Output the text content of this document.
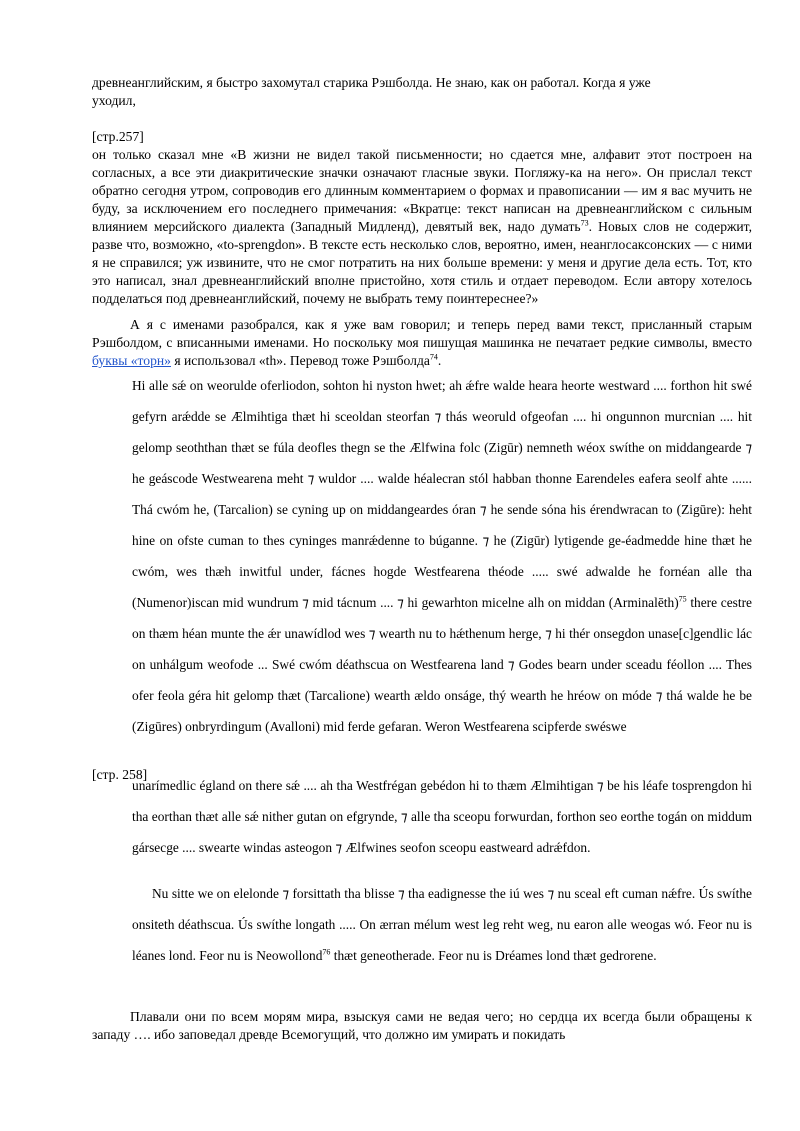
древнеанглийским, я быстро захомутал старика Рэшболда. Не знаю, как он работал. Когда я уже
уходил,

[стр.257]

он только сказал мне «В жизни не видел такой письменности; но сдается мне, алфавит этот построен на согласных, а все эти диакритические значки означают гласные звуки. Погляжу-ка на него». Он прислал текст обратно сегодня утром, сопроводив его длинным комментарием о формах и правописании — им я вас мучить не буду, за исключением его последнего примечания: «Вкратце: текст написан на древнеанглийском с сильным влиянием мерсийского диалекта (Западный Мидленд), девятый век, надо думать$^{73}$. Новых слов не содержит, разве что, возможно, «to-sprengdon». В тексте есть несколько слов, вероятно, имен, неанглосаксонских — с ними я не справился; уж извините, что не смог потратить на них больше времени: у меня и другие дела есть. Тот, кто это написал, знал древнеанглийский вполне пристойно, хотя стиль и отдает переводом. Если автору хотелось подделаться под древнеанглийский, почему не выбрать тему поинтереснее?»

А я с именами разобрался, как я уже вам говорил; и теперь перед вами текст, присланный старым Рэшболдом, с вписанными именами. Но поскольку моя пишущая машинка не печатает редкие символы, вместо буквы «торн» я использовал «th». Перевод тоже Рэшболда$^{74}$.

Hi alle sǽ on weorulde oferliodon, sohton hi nyston hwet; ah ǽfre walde heara heorte westward .... forthon hit swé gefyrn arǽdde se Ælmihtiga thæt hi sceoldan steorfan ⁊ thás weoruld ofgeofan .... hi ongunnon murcnian .... hit gelomp seoththan thæt se fúla deofles thegn se the Ælfwina folc (Zigūr) nemneth wéox swíthe on middangearde ⁊ he geáscode Westwearena meht ⁊ wuldor .... walde héalecran stól habban thonne Earendeles eafera seolf ahte ...... Thá cwóm he, (Tarcalion) se cyning up on middangeardes óran ⁊ he sende sóna his érendwracan to (Zigūre): heht hine on ofste cuman to thes cyninges manrǽdenne to búganne. ⁊ he (Zigūr) lytigende ge-éadmedde hine thæt he cwóm, wes thæh inwitful under, fácnes hogde Westfearena théode ..... swé adwalde he fornéan alle tha (Numenor)iscan mid wundrum ⁊ mid tácnum .... ⁊ hi gewarhton micelne alh on middan (Arminalēth)$^{75}$ there cestre on thæm héan munte the ǽr unawídlod wes ⁊ wearth nu to hǽthenum herge, ⁊ hi thér onsegdon unase[c]gendlic lác on unhálgum weofode ... Swé cwóm déathscua on Westfearena land ⁊ Godes bearn under sceadu féollon .... Thes ofer feola géra hit gelomp thæt (Tarcalione) wearth ældo onságe, thý wearth he hréow on móde ⁊ thá walde he be (Zigūres) onbryrdingum (Avalloni) mid ferde gefaran. Weron Westfearena scipferde swéswe

[стр. 258]

unarímedlic égland on there sǽ .... ah tha Westfrégan gebédon hi to thæm Ælmihtigan ⁊ be his léafe tosprengdon hi tha eorthan thæt alle sǽ nither gutan on efgrynde, ⁊ alle tha sceopu forwurdan, forthon seo eorthe togán on middum gársecge .... swearte windas asteogon ⁊ Ælfwines seofon sceopu eastweard adrǽfdon.

Nu sitte we on elelonde ⁊ forsittath tha blisse ⁊ tha eadignesse the iú wes ⁊ nu sceal eft cuman nǽfre. Ús swíthe onsiteth déathscua. Ús swíthe longath ..... On ærran mélum west leg reht weg, nu earon alle weogas wó. Feor nu is léanes lond. Feor nu is Neowollond$^{76}$ thæt geneotherade. Feor nu is Dréames lond thæt gedrorene.

Плавали они по всем морям мира, взыскуя сами не ведая чего; но сердца их всегда были обращены к западу …. ибо заповедал древде Всемогущий, что должно им умирать и покидать
